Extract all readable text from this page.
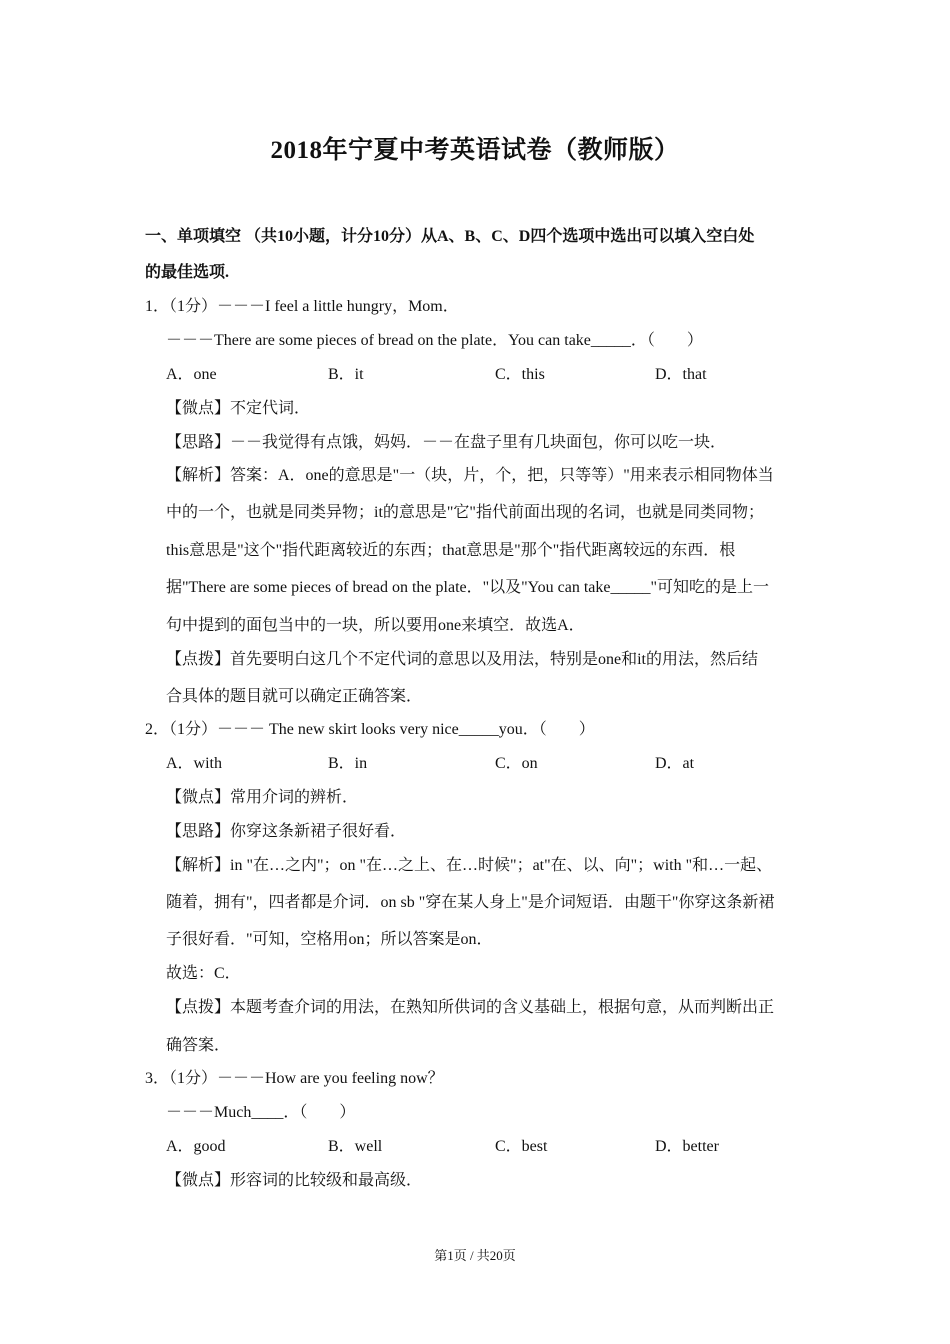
2018年宁夏中考英语试卷（教师版）
一、单项填空 （共10小题，计分10分）从A、B、C、D四个选项中选出可以填入空白处
的最佳选项.
1．（1分）－－－I feel a little hungry，Mom．
－－－There are some pieces of bread on the plate．You can take_____．（　　）
A．one	B．it	C．this	D．that
【微点】不定代词．
【思路】－－我觉得有点饿，妈妈．－－在盘子里有几块面包，你可以吃一块．
【解析】答案：A．one的意思是"一（块，片，个，把，只等等）"用来表示相同物体当
中的一个，也就是同类异物；it的意思是"它"指代前面出现的名词，也就是同类同物；
this意思是"这个"指代距离较近的东西；that意思是"那个"指代距离较远的东西．根
据"There are some pieces of bread on the plate．"以及"You can take_____"可知吃的是上一
句中提到的面包当中的一块，所以要用one来填空．故选A．
【点拨】首先要明白这几个不定代词的意思以及用法，特别是one和it的用法，然后结
合具体的题目就可以确定正确答案．
2．（1分）－－－ The new skirt looks very nice_____you．（　　）
A．with	B．in	C．on	D．at
【微点】常用介词的辨析．
【思路】你穿这条新裙子很好看．
【解析】in "在…之内"；on "在…之上、在…时候"；at"在、以、向"；with "和…一起、
随着，拥有"，四者都是介词．on sb "穿在某人身上"是介词短语．由题干"你穿这条新裙
子很好看．"可知，空格用on；所以答案是on．
故选：C．
【点拨】本题考查介词的用法，在熟知所供词的含义基础上，根据句意，从而判断出正
确答案．
3．（1分）－－－How are you feeling now？
－－－Much____．（　　）
A．good	B．well	C．best	D．better
【微点】形容词的比较级和最高级．
第1页 / 共20页
